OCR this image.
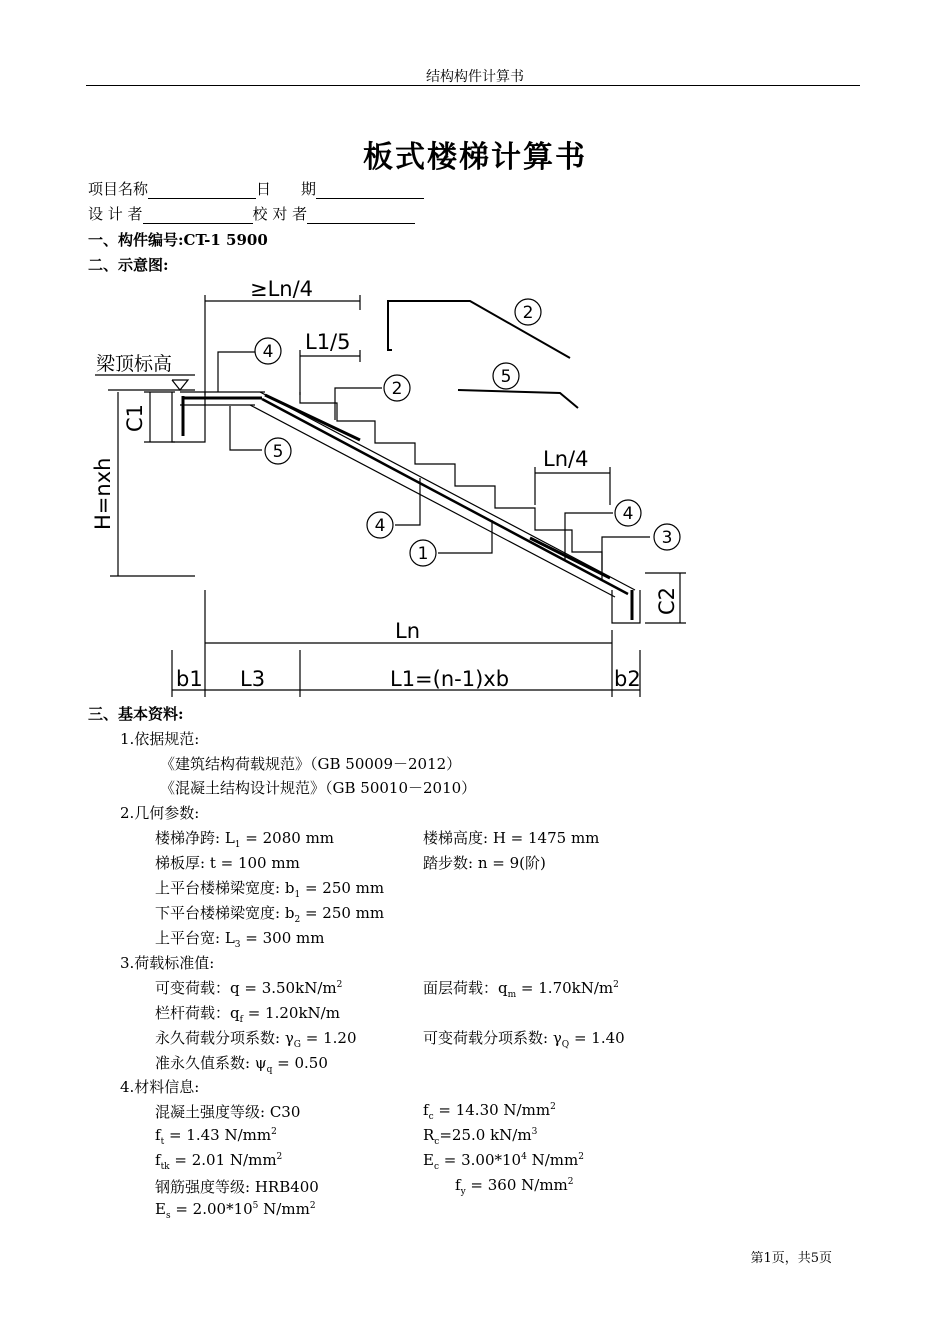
结构构件计算书
板式楼梯计算书
项目名称	日　　期
设 计 者	校 对 者
一、构件编号:CT-1 5900
二、示意图:
≥Ln/4
L1/5
梁顶标高
Ln/4
Ln
b1 L3	L1=(n-1)xb	b2
C1
H=nxh
C2
4
5
2
2
5
4
1
4
3
三、基本资料:
1.依据规范:
《建筑结构荷载规范》（GB 50009－2012）
《混凝土结构设计规范》（GB 50010－2010）
2.几何参数:
楼梯净跨: $L_1 = 2080$ mm	楼梯高度: H = 1475 mm
梯板厚: t = 100 mm	踏步数: n = 9(阶)
上平台楼梯梁宽度: $b_1 = 250$ mm
下平台楼梯梁宽度: $b_2 = 250$ mm
上平台宽: $L_3 = 300$ mm
3.荷载标准值:
可变荷载：$q = 3.50kN/m^2$	面层荷载：$q_m = 1.70kN/m^2$
栏杆荷载：$q_f = 1.20kN/m$
永久荷载分项系数: $\gamma_G = 1.20$	可变荷载分项系数: $\gamma_Q = 1.40$
准永久值系数: $\psi_q = 0.50$
4.材料信息:
混凝土强度等级: C30	$f_c = 14.30$ $N/mm^2$
$f_t = 1.43$ $N/mm^2$	$R_c=25.0$ $kN/m^3$
$f_{tk} = 2.01$ $N/mm^2$	$E_c = 3.00*10^4$ $N/mm^2$
钢筋强度等级: HRB400	$f_y = 360$ $N/mm^2$
$E_s = 2.00*10^5$ $N/mm^2$
第1页，共5页
